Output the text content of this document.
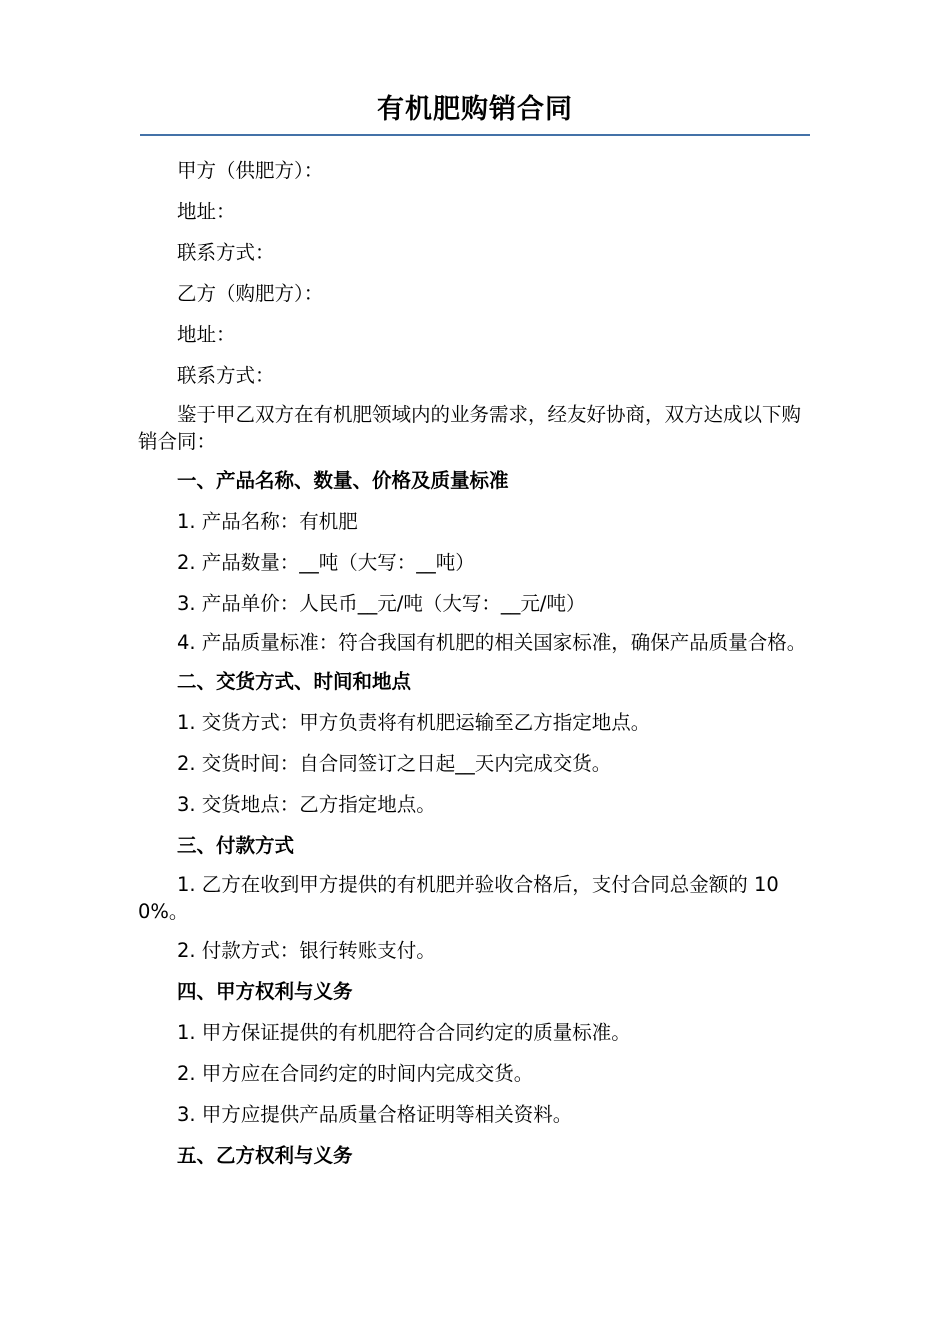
有机肥购销合同

甲方（供肥方）：

地址：

联系方式：

乙方（购肥方）：

地址：

联系方式：

鉴于甲乙双方在有机肥领域内的业务需求，经友好协商，双方达成以下购销合同：

一、产品名称、数量、价格及质量标准

1. 产品名称：有机肥

2. 产品数量：__吨（大写：__吨）

3. 产品单价：人民币__元/吨（大写：__元/吨）

4. 产品质量标准：符合我国有机肥的相关国家标准，确保产品质量合格。

二、交货方式、时间和地点

1. 交货方式：甲方负责将有机肥运输至乙方指定地点。

2. 交货时间：自合同签订之日起__天内完成交货。

3. 交货地点：乙方指定地点。

三、付款方式

1. 乙方在收到甲方提供的有机肥并验收合格后，支付合同总金额的 100%。

2. 付款方式：银行转账支付。

四、甲方权利与义务

1. 甲方保证提供的有机肥符合合同约定的质量标准。

2. 甲方应在合同约定的时间内完成交货。

3. 甲方应提供产品质量合格证明等相关资料。

五、乙方权利与义务
